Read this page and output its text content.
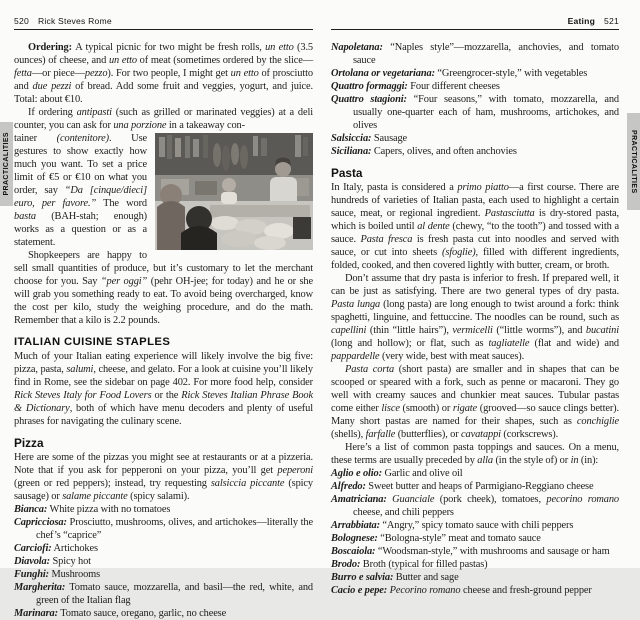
PRACTICALITIES	PRACTICALITIES
520 Rick Steves Rome

Ordering: A typical picnic for two might be fresh rolls, un etto (3.5 ounces) of cheese, and un etto of meat (sometimes ordered by the slice—fetta—or piece—pezzo). For two people, I might get un etto of prosciutto and due pezzi of bread. Add some fruit and veggies, yogurt, and juice. Total: about €10.

If ordering antipasti (such as grilled or marinated veggies) at a deli counter, you can ask for una porzione in a takeaway con-

tainer (contenitore). Use gestures to show exactly how much you want. To set a price limit of €5 or €10 on what you order, say “Da [cinque/dieci] euro, per favore.” The word basta (BAH-stah; enough) works as a question or as a statement.

Shopkeepers are happy to sell small quantities of produce, but it’s customary to let the merchant choose for you. Say “per oggi” (pehr OH-jee; for today) and he or she will grab you something ready to eat. To avoid being overcharged, know the cost per kilo, study the weighing procedure, and do the math. Remember that a kilo is 2.2 pounds.

ITALIAN CUISINE STAPLES

Much of your Italian eating experience will likely involve the big five: pizza, pasta, salumi, cheese, and gelato. For a look at cuisine you’ll likely find in Rome, see the sidebar on page 402. For more food help, consider Rick Steves Italy for Food Lovers or the Rick Steves Italian Phrase Book & Dictionary, both of which have menu decoders and plenty of useful phrases for navigating the culinary scene.

Pizza

Here are some of the pizzas you might see at restaurants or at a pizzeria. Note that if you ask for pepperoni on your pizza, you’ll get peperoni (green or red peppers); instead, try requesting salsiccia piccante (spicy sausage) or salame piccante (spicy salami).

Bianca: White pizza with no tomatoes

Capricciosa: Prosciutto, mushrooms, olives, and artichokes—literally the chef’s “caprice”

Carciofi: Artichokes

Diavola: Spicy hot

Funghi: Mushrooms

Margherita: Tomato sauce, mozzarella, and basil—the red, white, and green of the Italian flag

Marinara: Tomato sauce, oregano, garlic, no cheese

Eating 521

Napoletana: “Naples style”—mozzarella, anchovies, and tomato sauce

Ortolana or vegetariana: “Greengrocer-style,” with vegetables

Quattro formaggi: Four different cheeses

Quattro stagioni: “Four seasons,” with tomato, mozzarella, and usually one-quarter each of ham, mushrooms, artichokes, and olives

Salsiccia: Sausage

Siciliana: Capers, olives, and often anchovies

Pasta

In Italy, pasta is considered a primo piatto—a first course. There are hundreds of varieties of Italian pasta, each used to highlight a certain sauce, meat, or regional ingredient. Pastasciutta is dry-stored pasta, which is boiled until al dente (chewy, “to the tooth”) and tossed with a sauce. Pasta fresca is fresh pasta cut into noodles and served with sauce, or cut into sheets (sfoglie), filled with different ingredients, folded, cooked, and then covered lightly with butter, cream, or broth.

Don’t assume that dry pasta is inferior to fresh. If prepared well, it can be just as satisfying. There are two general types of dry pasta. Pasta lunga (long pasta) are long enough to twist around a fork: think spaghetti, linguine, and fettuccine. The noodles can be round, such as capellini (thin “little hairs”), vermicelli (“little worms”), and bucatini (long and hollow); or flat, such as tagliatelle (flat and wide) and pappardelle (very wide, best with meat sauces).

Pasta corta (short pasta) are smaller and in shapes that can be scooped or speared with a fork, such as penne or macaroni. They go well with creamy sauces and chunkier meat sauces. Tubular pastas come either lisce (smooth) or rigate (grooved—so sauce clings better). Many short pastas are named for their shapes, such as conchiglie (shells), farfalle (butterflies), or cavatappi (corkscrews).

Here’s a list of common pasta toppings and sauces. On a menu, these terms are usually preceded by alla (in the style of) or in (in):

Aglio e olio: Garlic and olive oil

Alfredo: Sweet butter and heaps of Parmigiano-Reggiano cheese

Amatriciana: Guanciale (pork cheek), tomatoes, pecorino romano cheese, and chili peppers

Arrabbiata: “Angry,” spicy tomato sauce with chili peppers

Bolognese: “Bologna-style” meat and tomato sauce

Boscaiola: “Woodsman-style,” with mushrooms and sausage or ham

Brodo: Broth (typical for filled pastas)

Burro e salvia: Butter and sage

Cacio e pepe: Pecorino romano cheese and fresh-ground pepper
